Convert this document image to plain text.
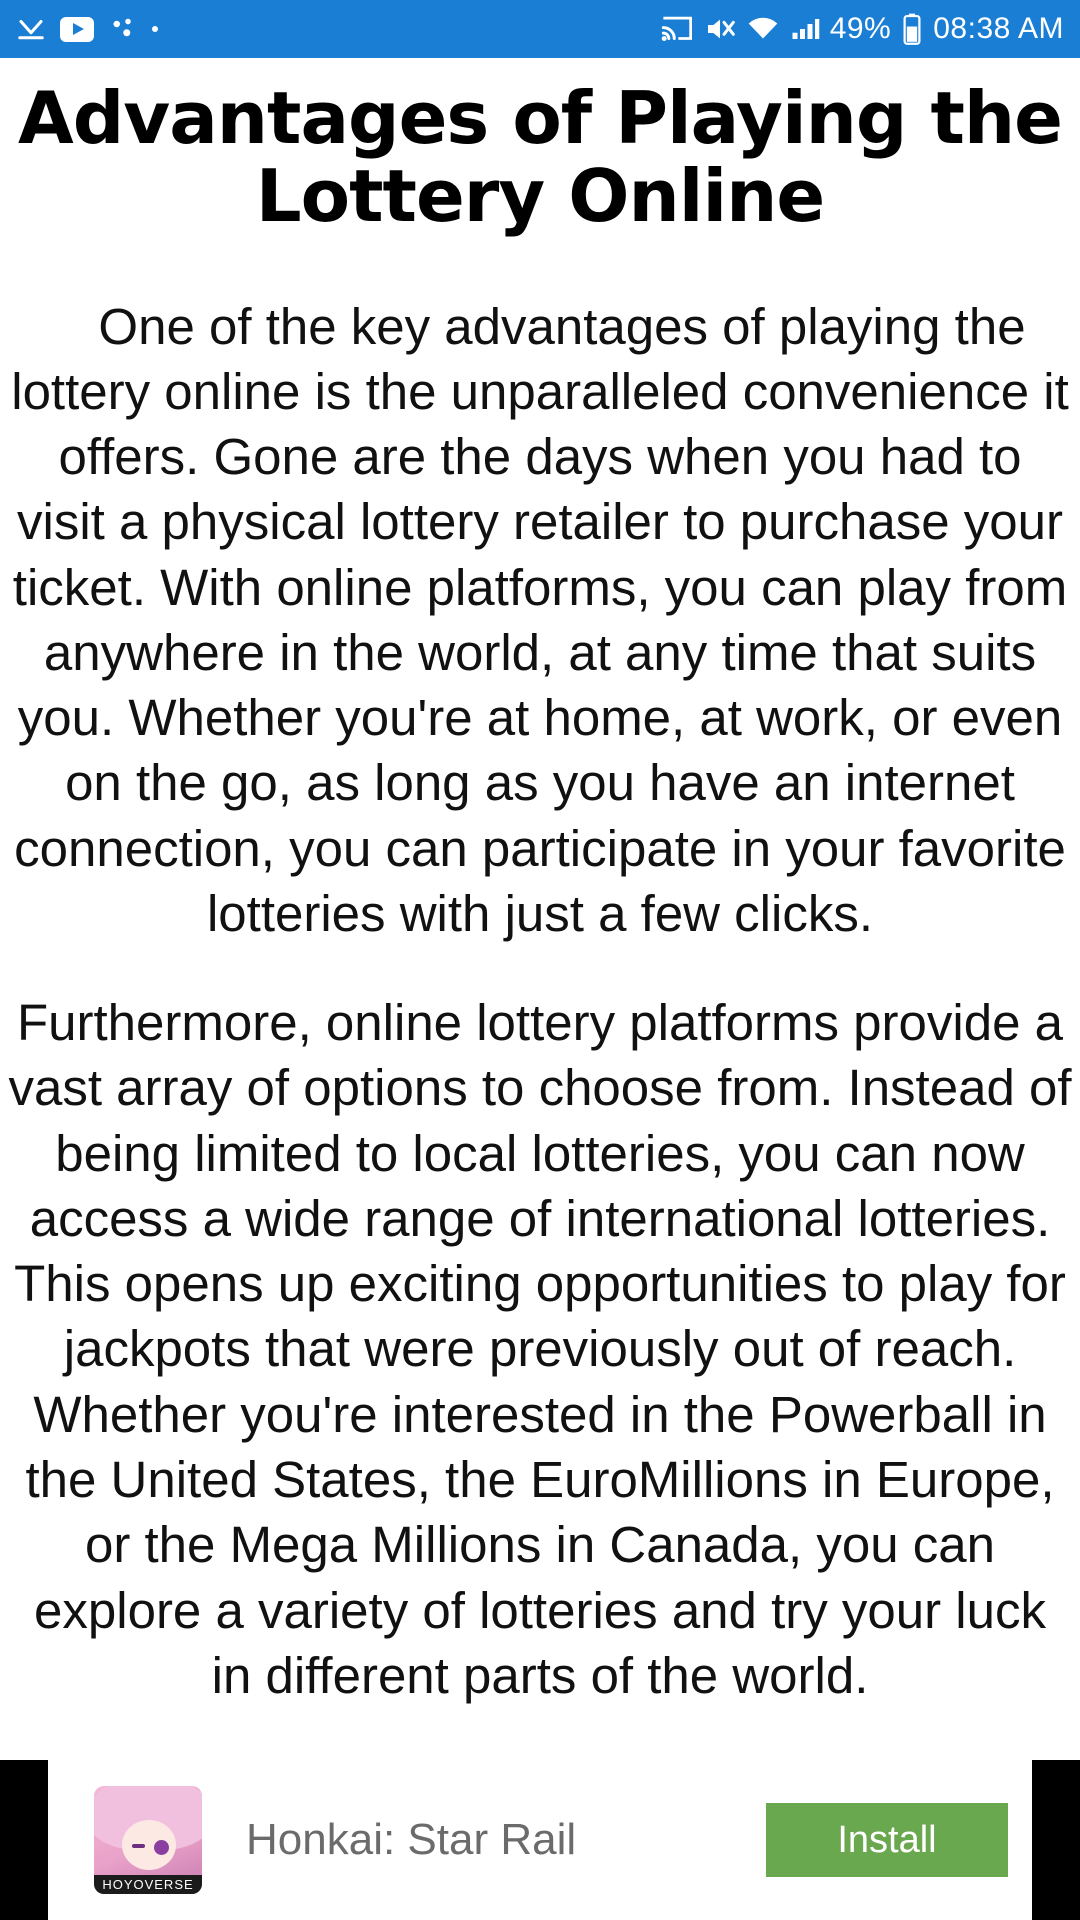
49% 08:38 AM
Advantages of Playing the Lottery Online

One of the key advantages of playing the lottery online is the unparalleled convenience it offers. Gone are the days when you had to visit a physical lottery retailer to purchase your ticket. With online platforms, you can play from anywhere in the world, at any time that suits you. Whether you're at home, at work, or even on the go, as long as you have an internet connection, you can participate in your favorite lotteries with just a few clicks.

Furthermore, online lottery platforms provide a vast array of options to choose from. Instead of being limited to local lotteries, you can now access a wide range of international lotteries. This opens up exciting opportunities to play for jackpots that were previously out of reach. Whether you're interested in the Powerball in the United States, the EuroMillions in Europe, or the Mega Millions in Canada, you can explore a variety of lotteries and try your luck in different parts of the world.

HOYOVERSE
Honkai: Star Rail	Install
